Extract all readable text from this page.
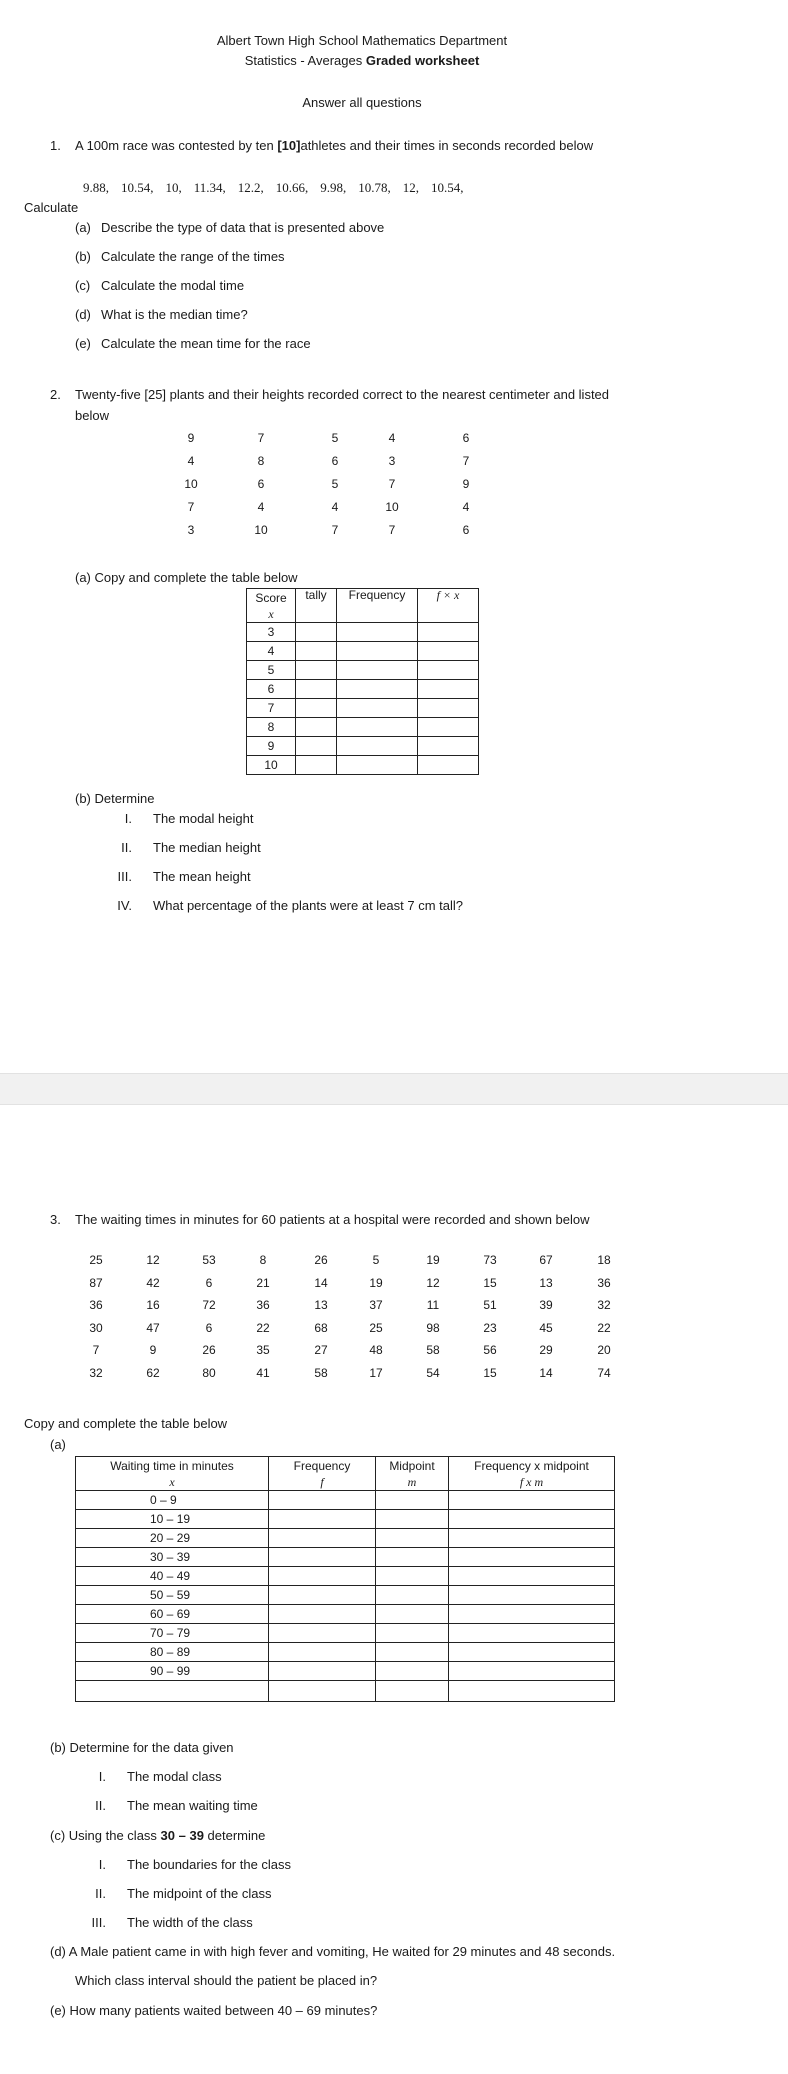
Albert Town High School Mathematics Department
Statistics - Averages Graded worksheet
Answer all questions
1. A 100m race was contested by ten [10]athletes and their times in seconds recorded below
9.88, 10.54, 10, 11.34, 12.2, 10.66, 9.98, 10.78, 12, 10.54,
Calculate
(a) Describe the type of data that is presented above
(b) Calculate the range of the times
(c) Calculate the modal time
(d) What is the median time?
(e) Calculate the mean time for the race
2. Twenty-five [25] plants and their heights recorded correct to the nearest centimeter and listed
below
9	7	5	4	6
4	8	6	3	7
10	6	5	7	9
7	4	4	10	4
3	10	7	7	6
(a) Copy and complete the table below
Score	tally	Frequency	f × x

x			
3			
4			
5			
6			
7			
8			
9			
10			
(b) Determine
I. The modal height
II. The median height
III. The mean height
IV. What percentage of the plants were at least 7 cm tall?
3. The waiting times in minutes for 60 patients at a hospital were recorded and shown below
25	12	53	8	26	5	19	73	67	18
87	42	6	21	14	19	12	15	13	36
36	16	72	36	13	37	11	51	39	32
30	47	6	22	68	25	98	23	45	22
7	9	26	35	27	48	58	56	29	20
32	62	80	41	58	17	54	15	14	74
Copy and complete the table below
(a)
Waiting time in minutes	Frequency	Midpoint	Frequency x midpoint
x	f	m	f x m
0 – 9			
10 – 19			
20 – 29			
30 – 39			
40 – 49			
50 – 59			
60 – 69			
70 – 79			
80 – 89			
90 – 99			

(b) Determine for the data given
I. The modal class
II. The mean waiting time
(c) Using the class 30 – 39 determine
I. The boundaries for the class
II. The midpoint of the class
III. The width of the class
(d) A Male patient came in with high fever and vomiting, He waited for 29 minutes and 48 seconds.
Which class interval should the patient be placed in?
(e) How many patients waited between 40 – 69 minutes?
